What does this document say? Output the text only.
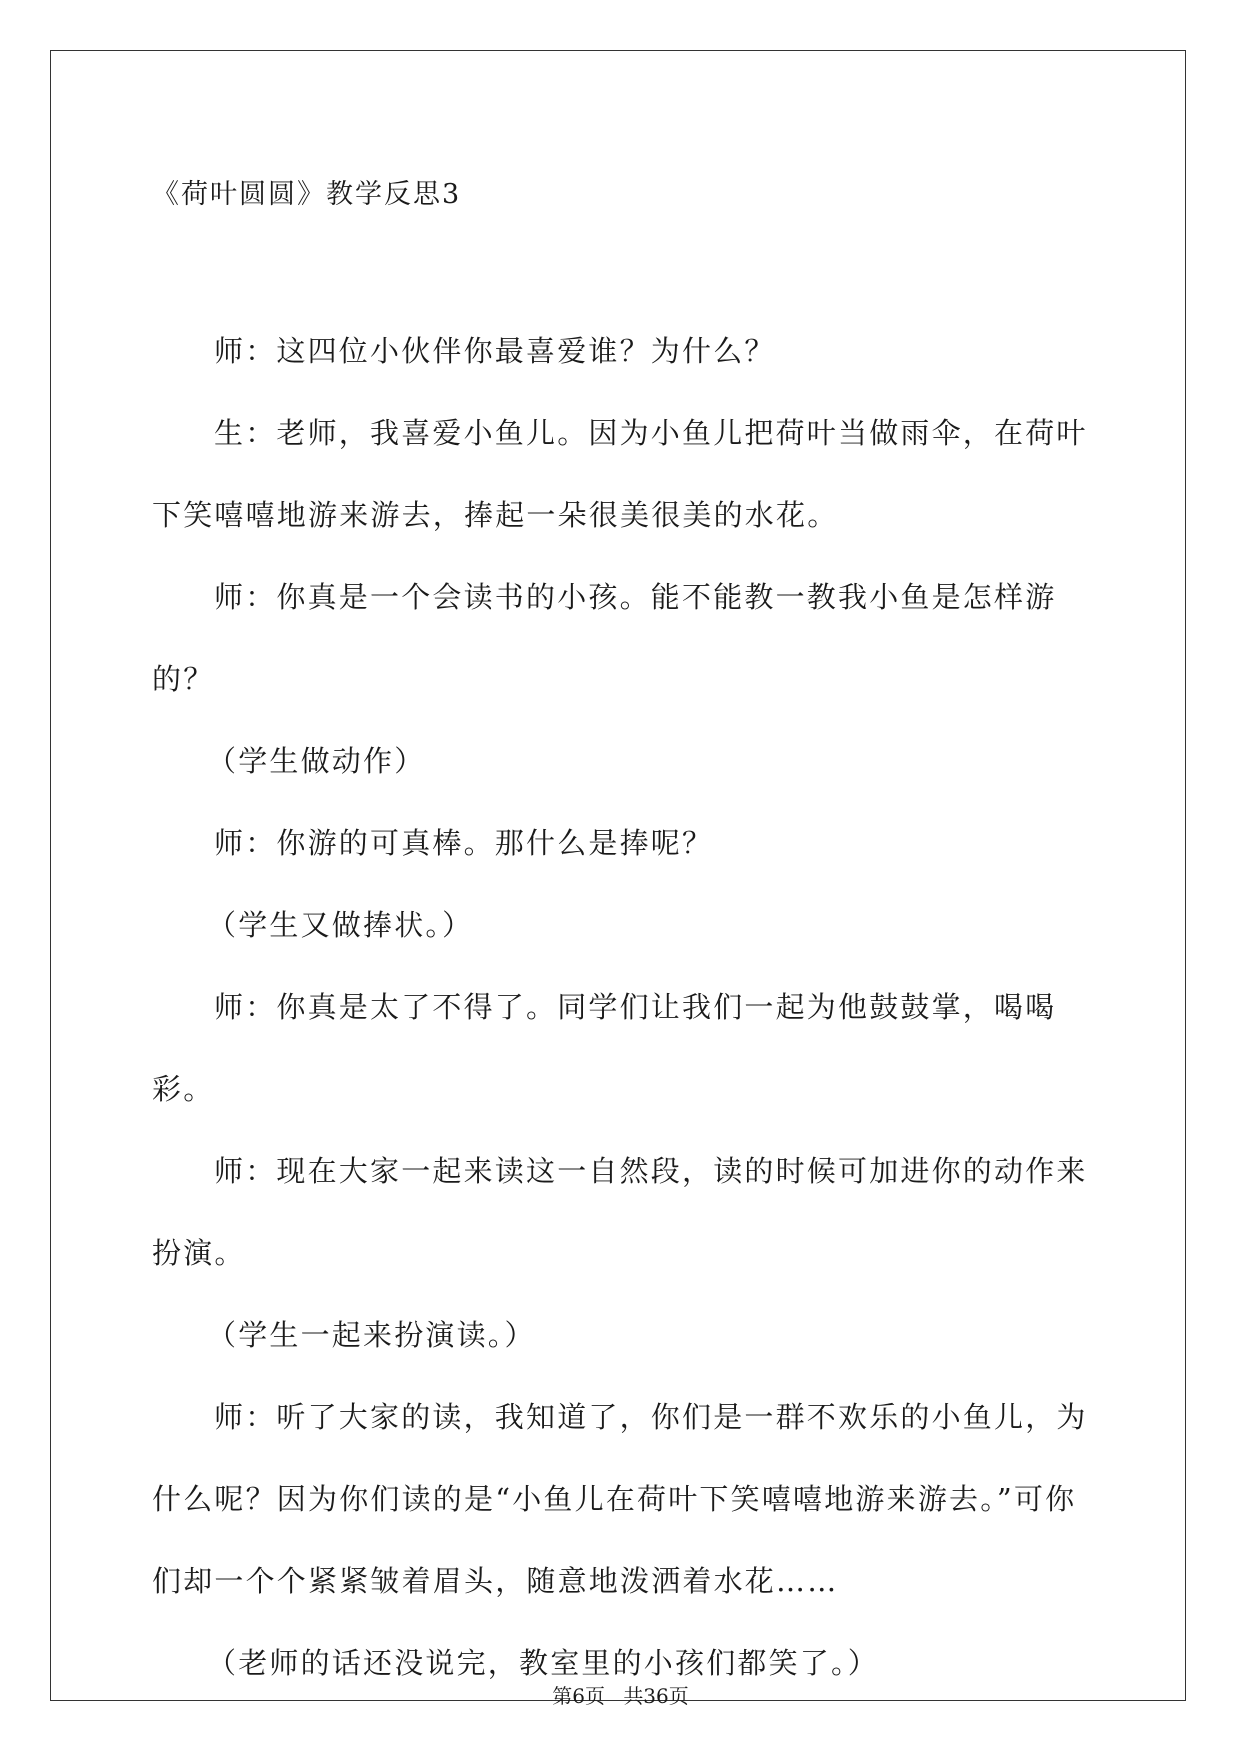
《荷叶圆圆》教学反思3

师：这四位小伙伴你最喜爱谁？为什么？

生：老师，我喜爱小鱼儿。因为小鱼儿把荷叶当做雨伞，在荷叶下笑嘻嘻地游来游去，捧起一朵很美很美的水花。

师：你真是一个会读书的小孩。能不能教一教我小鱼是怎样游的？

（学生做动作）

师：你游的可真棒。那什么是捧呢？

（学生又做捧状。）

师：你真是太了不得了。同学们让我们一起为他鼓鼓掌，喝喝彩。

师：现在大家一起来读这一自然段，读的时候可加进你的动作来扮演。

（学生一起来扮演读。）

师：听了大家的读，我知道了，你们是一群不欢乐的小鱼儿，为什么呢？因为你们读的是“小鱼儿在荷叶下笑嘻嘻地游来游去。”可你们却一个个紧紧皱着眉头，随意地泼洒着水花……

（老师的话还没说完，教室里的小孩们都笑了。）

第6页 共36页
